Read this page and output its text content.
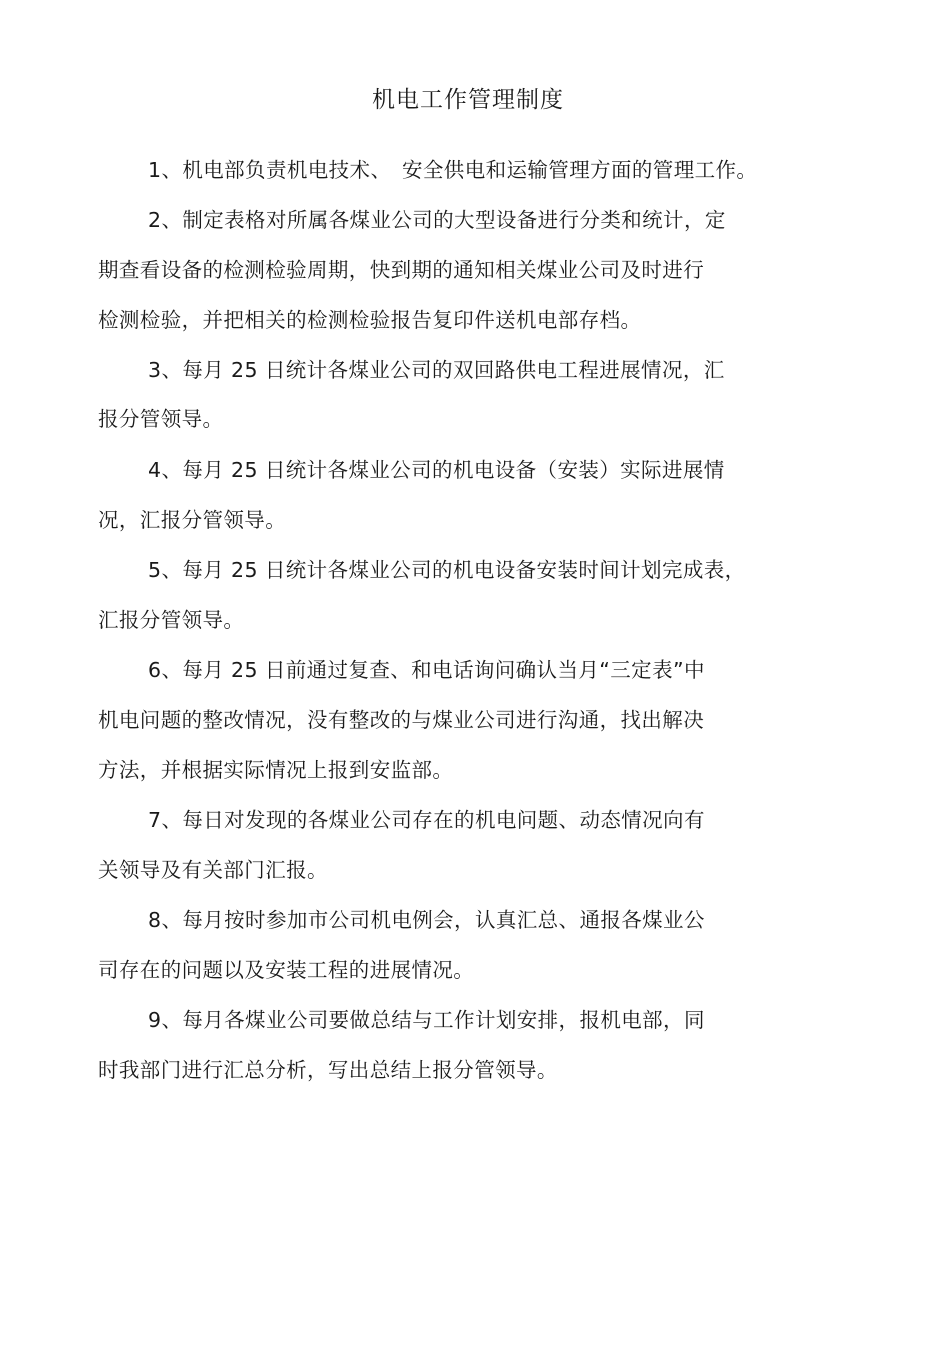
机电工作管理制度
1、机电部负责机电技术、　安全供电和运输管理方面的管理工作。
2、制定表格对所属各煤业公司的大型设备进行分类和统计，定
期查看设备的检测检验周期，快到期的通知相关煤业公司及时进行
检测检验，并把相关的检测检验报告复印件送机电部存档。
3、每月 25 日统计各煤业公司的双回路供电工程进展情况，汇
报分管领导。
4、每月 25 日统计各煤业公司的机电设备（安装）实际进展情
况，汇报分管领导。
5、每月 25 日统计各煤业公司的机电设备安装时间计划完成表，
汇报分管领导。
6、每月 25 日前通过复查、和电话询问确认当月“三定表”中
机电问题的整改情况，没有整改的与煤业公司进行沟通，找出解决
方法，并根据实际情况上报到安监部。
7、每日对发现的各煤业公司存在的机电问题、动态情况向有
关领导及有关部门汇报。
8、每月按时参加市公司机电例会，认真汇总、通报各煤业公
司存在的问题以及安装工程的进展情况。
9、每月各煤业公司要做总结与工作计划安排，报机电部，同
时我部门进行汇总分析，写出总结上报分管领导。
